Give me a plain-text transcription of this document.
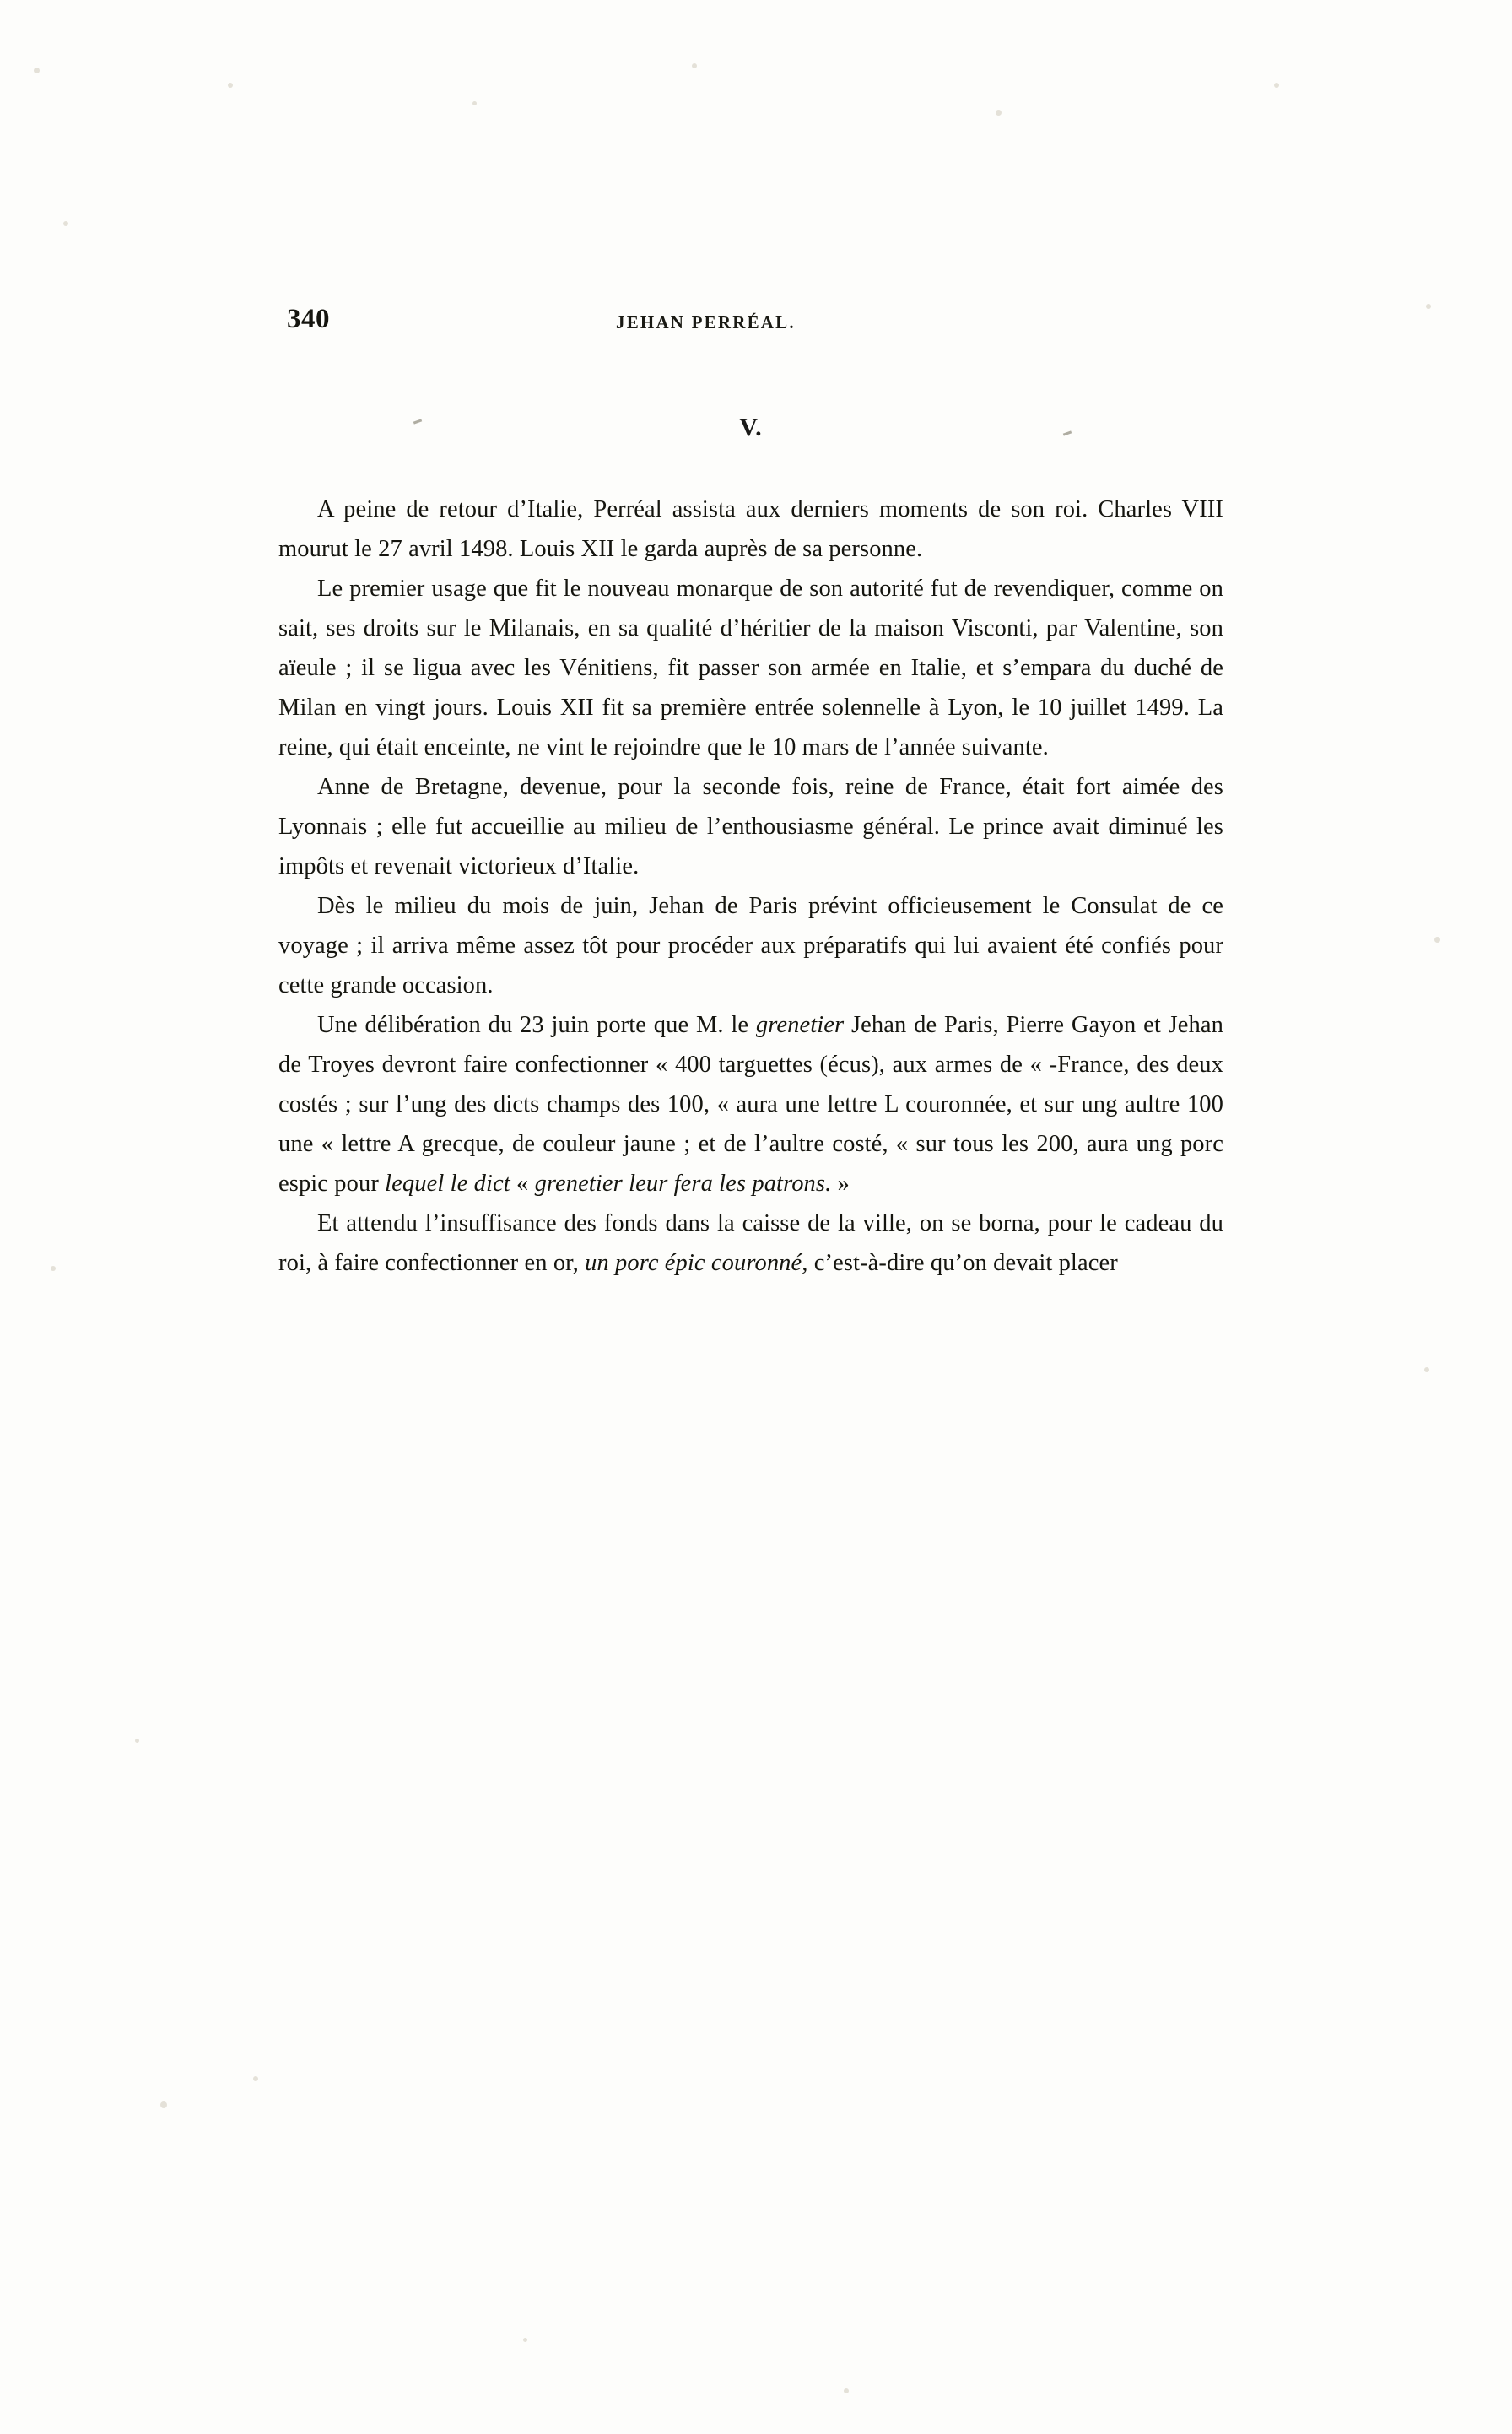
340	JEHAN PERRÉAL.
V.

A peine de retour d’Italie, Perréal assista aux derniers moments de son roi. Charles VIII mourut le 27 avril 1498. Louis XII le garda auprès de sa personne.

Le premier usage que fit le nouveau monarque de son autorité fut de revendiquer, comme on sait, ses droits sur le Milanais, en sa qualité d’héritier de la maison Visconti, par Valentine, son aïeule ; il se ligua avec les Vénitiens, fit passer son armée en Italie, et s’empara du duché de Milan en vingt jours. Louis XII fit sa première entrée solennelle à Lyon, le 10 juillet 1499. La reine, qui était enceinte, ne vint le rejoindre que le 10 mars de l’année suivante.

Anne de Bretagne, devenue, pour la seconde fois, reine de France, était fort aimée des Lyonnais ; elle fut accueillie au milieu de l’enthousiasme général. Le prince avait diminué les impôts et revenait victorieux d’Italie.

Dès le milieu du mois de juin, Jehan de Paris prévint officieusement le Consulat de ce voyage ; il arriva même assez tôt pour procéder aux préparatifs qui lui avaient été confiés pour cette grande occasion.

Une délibération du 23 juin porte que M. le grenetier Jehan de Paris, Pierre Gayon et Jehan de Troyes devront faire confectionner « 400 targuettes (écus), aux armes de « -France, des deux costés ; sur l’ung des dicts champs des 100, « aura une lettre L couronnée, et sur ung aultre 100 une « lettre A grecque, de couleur jaune ; et de l’aultre costé, « sur tous les 200, aura ung porc espic pour lequel le dict « grenetier leur fera les patrons. »

Et attendu l’insuffisance des fonds dans la caisse de la ville, on se borna, pour le cadeau du roi, à faire confectionner en or, un porc épic couronné, c’est-à-dire qu’on devait placer
